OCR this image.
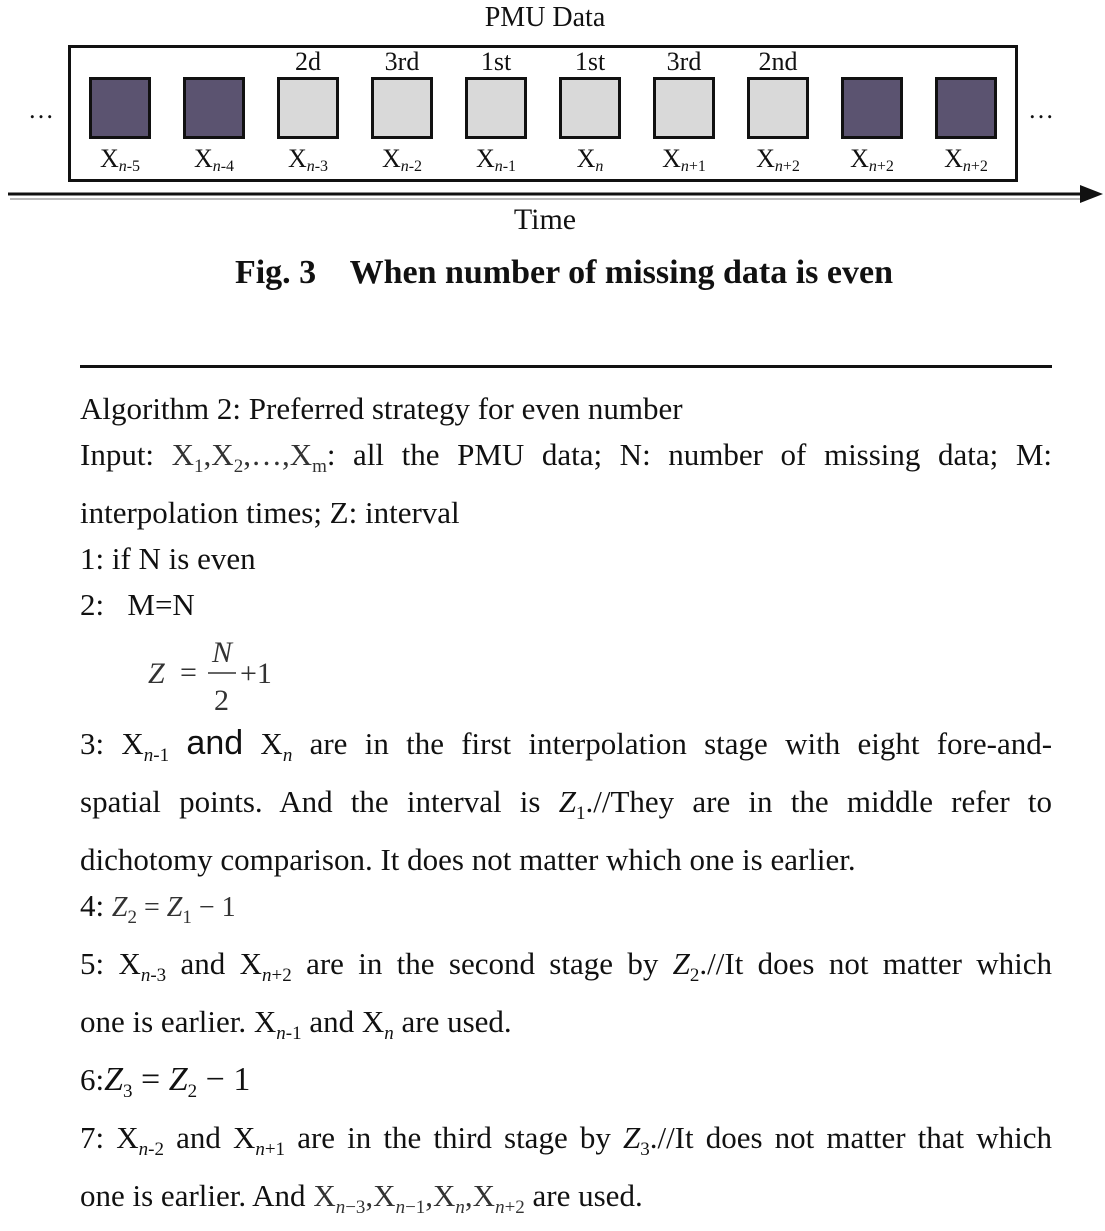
PMU Data
…	…
$X_{n-5}$	$X_{n-4}$
2d
$X_{n-3}$
3rd
$X_{n-2}$
1st
$X_{n-1}$
1st
$X_n$
3rd
$X_{n+1}$
2nd
$X_{n+2}$	$X_{n+2}$	$X_{n+2}$
Time
Fig. 3    When number of missing data is even
Algorithm 2: Preferred strategy for even number
Input: $X_1,X_2,\dots,X_m$: all the PMU data; N: number of missing data; M:
interpolation times; Z: interval
1: if N is even
2: M=N
Z =
N
2
+1
3: $X_{n-1}$ and $X_n$ are in the first interpolation stage with eight fore-and-
spatial points. And the interval is $Z_1./$/They are in the middle refer to
dichotomy comparison. It does not matter which one is earlier.
4: $Z_2 = Z_1 - 1$
5: $X_{n-3}$ and $X_{n+2}$ are in the second stage by $Z_2.//It$ does not matter which
one is earlier. $X_{n-1}$ and $X_n$ are used.
$6:Z_3 = Z_2 - 1$
7: $X_{n-2}$ and $X_{n+1}$ are in the third stage by $Z_3.//It$ does not matter that which
one is earlier. And $X_{n-3},X_{n-1},X_n,X_{n+2}$ are used.
